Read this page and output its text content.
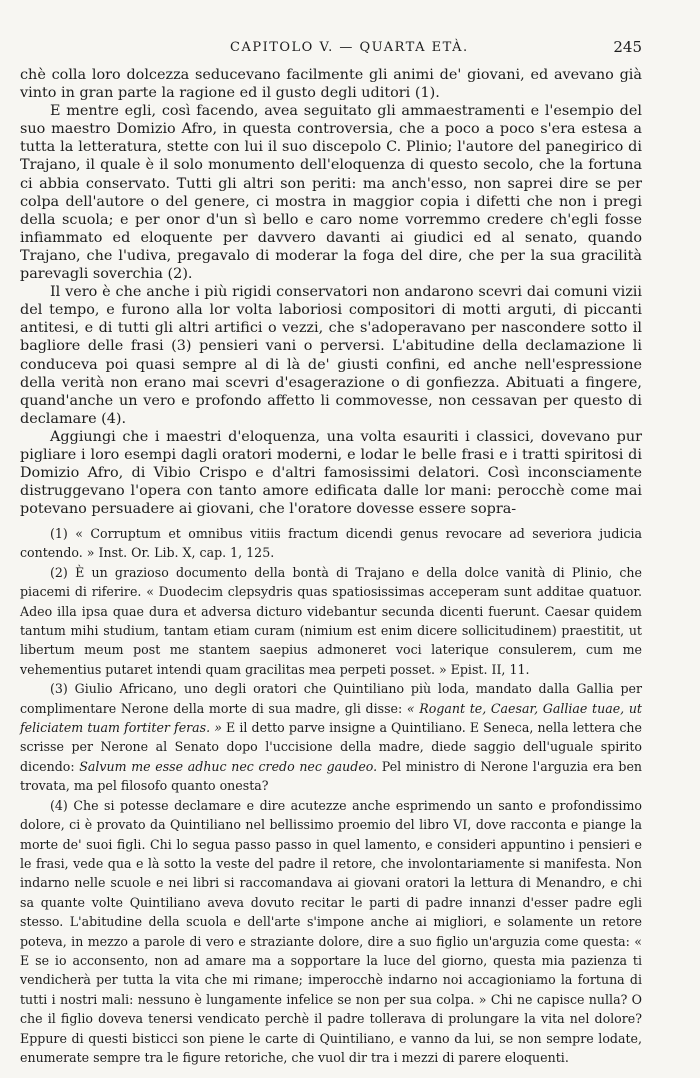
CAPITOLO V. — QUARTA ETÀ.	245

chè colla loro dolcezza seducevano facilmente gli animi de' giovani, ed avevano già vinto in gran parte la ragione ed il gusto degli uditori (1).

E mentre egli, così facendo, avea seguitato gli ammaestramenti e l'esempio del suo maestro Domizio Afro, in questa controversia, che a poco a poco s'era estesa a tutta la letteratura, stette con lui il suo discepolo C. Plinio; l'autore del panegirico di Trajano, il quale è il solo monumento dell'eloquenza di questo secolo, che la fortuna ci abbia conservato. Tutti gli altri son periti: ma anch'esso, non saprei dire se per colpa dell'autore o del genere, ci mostra in maggior copia i difetti che non i pregi della scuola; e per onor d'un sì bello e caro nome vorremmo credere ch'egli fosse infiammato ed eloquente per davvero davanti ai giudici ed al senato, quando Trajano, che l'udiva, pregavalo di moderar la foga del dire, che per la sua gracilità parevagli soverchia (2).

Il vero è che anche i più rigidi conservatori non andarono scevri dai comuni vizii del tempo, e furono alla lor volta laboriosi compositori di motti arguti, di piccanti antitesi, e di tutti gli altri artifici o vezzi, che s'adoperavano per nascondere sotto il bagliore delle frasi (3) pensieri vani o perversi. L'abitudine della declamazione li conduceva poi quasi sempre al di là de' giusti confini, ed anche nell'espressione della verità non erano mai scevri d'esagerazione o di gonfiezza. Abituati a fingere, quand'anche un vero e profondo affetto li commovesse, non cessavan per questo di declamare (4).

Aggiungi che i maestri d'eloquenza, una volta esauriti i classici, dovevano pur pigliare i loro esempi dagli oratori moderni, e lodar le belle frasi e i tratti spiritosi di Domizio Afro, di Vibio Crispo e d'altri famosissimi delatori. Così inconsciamente distruggevano l'opera con tanto amore edificata dalle lor mani: perocchè come mai potevano persuadere ai giovani, che l'oratore dovesse essere sopra-

(1) « Corruptum et omnibus vitiis fractum dicendi genus revocare ad severiora judicia contendo. » Inst. Or. Lib. X, cap. 1, 125.

(2) È un grazioso documento della bontà di Trajano e della dolce vanità di Plinio, che piacemi di riferire. « Duodecim clepsydris quas spatiosissimas acceperam sunt additae quatuor. Adeo illa ipsa quae dura et adversa dicturo videbantur secunda dicenti fuerunt. Caesar quidem tantum mihi studium, tantam etiam curam (nimium est enim dicere sollicitudinem) praestitit, ut libertum meum post me stantem saepius admoneret voci laterique consulerem, cum me vehementius putaret intendi quam gracilitas mea perpeti posset. » Epist. II, 11.

(3) Giulio Africano, uno degli oratori che Quintiliano più loda, mandato dalla Gallia per complimentare Nerone della morte di sua madre, gli disse: « Rogant te, Caesar, Galliae tuae, ut feliciatem tuam fortiter feras. » E il detto parve insigne a Quintiliano. E Seneca, nella lettera che scrisse per Nerone al Senato dopo l'uccisione della madre, diede saggio dell'uguale spirito dicendo: Salvum me esse adhuc nec credo nec gaudeo. Pel ministro di Nerone l'arguzia era ben trovata, ma pel filosofo quanto onesta?

(4) Che si potesse declamare e dire acutezze anche esprimendo un santo e profondissimo dolore, ci è provato da Quintiliano nel bellissimo proemio del libro VI, dove racconta e piange la morte de' suoi figli. Chi lo segua passo passo in quel lamento, e consideri appuntino i pensieri e le frasi, vede qua e là sotto la veste del padre il retore, che involontariamente si manifesta. Non indarno nelle scuole e nei libri si raccomandava ai giovani oratori la lettura di Menandro, e chi sa quante volte Quintiliano aveva dovuto recitar le parti di padre innanzi d'esser padre egli stesso. L'abitudine della scuola e dell'arte s'impone anche ai migliori, e solamente un retore poteva, in mezzo a parole di vero e straziante dolore, dire a suo figlio un'arguzia come questa: « E se io acconsento, non ad amare ma a sopportare la luce del giorno, questa mia pazienza ti vendicherà per tutta la vita che mi rimane; imperocchè indarno noi accagioniamo la fortuna di tutti i nostri mali: nessuno è lungamente infelice se non per sua colpa. » Chi ne capisce nulla? O che il figlio doveva tenersi vendicato perchè il padre tollerava di prolungare la vita nel dolore? Eppure di questi bisticci son piene le carte di Quintiliano, e vanno da lui, se non sempre lodate, enumerate sempre tra le figure retoriche, che vuol dir tra i mezzi di parere eloquenti.
